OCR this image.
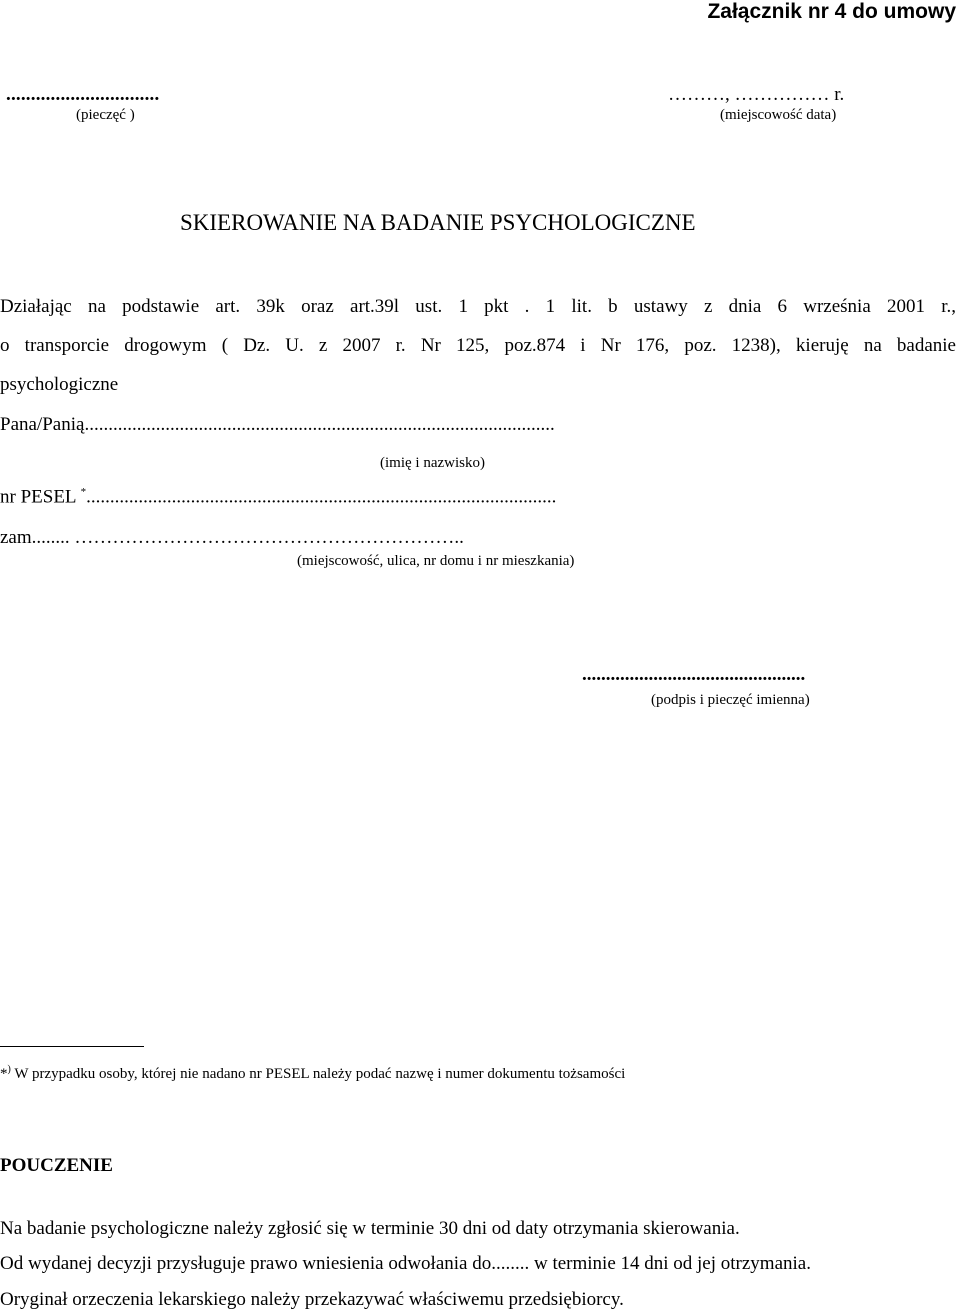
Załącznik nr 4 do umowy
...............................
(pieczęć )
………, …………… r.
(miejscowość data)
SKIEROWANIE NA BADANIE PSYCHOLOGICZNE
Działając na podstawie art. 39k oraz art.39l ust. 1 pkt . 1 lit. b ustawy z dnia 6 września 2001 r.,
o transporcie drogowym ( Dz. U. z 2007 r. Nr 125, poz.874 i Nr 176, poz. 1238), kieruję na badanie
psychologiczne
Pana/Panią...................................................................................................
(imię i nazwisko)
nr PESEL *...................................................................................................
zam........ ……………………………………………………..
(miejscowość, ulica, nr domu i nr mieszkania)
...............................................
(podpis i pieczęć imienna)
*) W przypadku osoby, której nie nadano nr PESEL należy podać nazwę i numer dokumentu tożsamości
POUCZENIE
Na badanie psychologiczne należy zgłosić się w terminie 30 dni od daty otrzymania skierowania.
Od wydanej decyzji przysługuje prawo wniesienia odwołania do........ w terminie 14 dni od jej otrzymania.
Oryginał orzeczenia lekarskiego należy przekazywać właściwemu przedsiębiorcy.
